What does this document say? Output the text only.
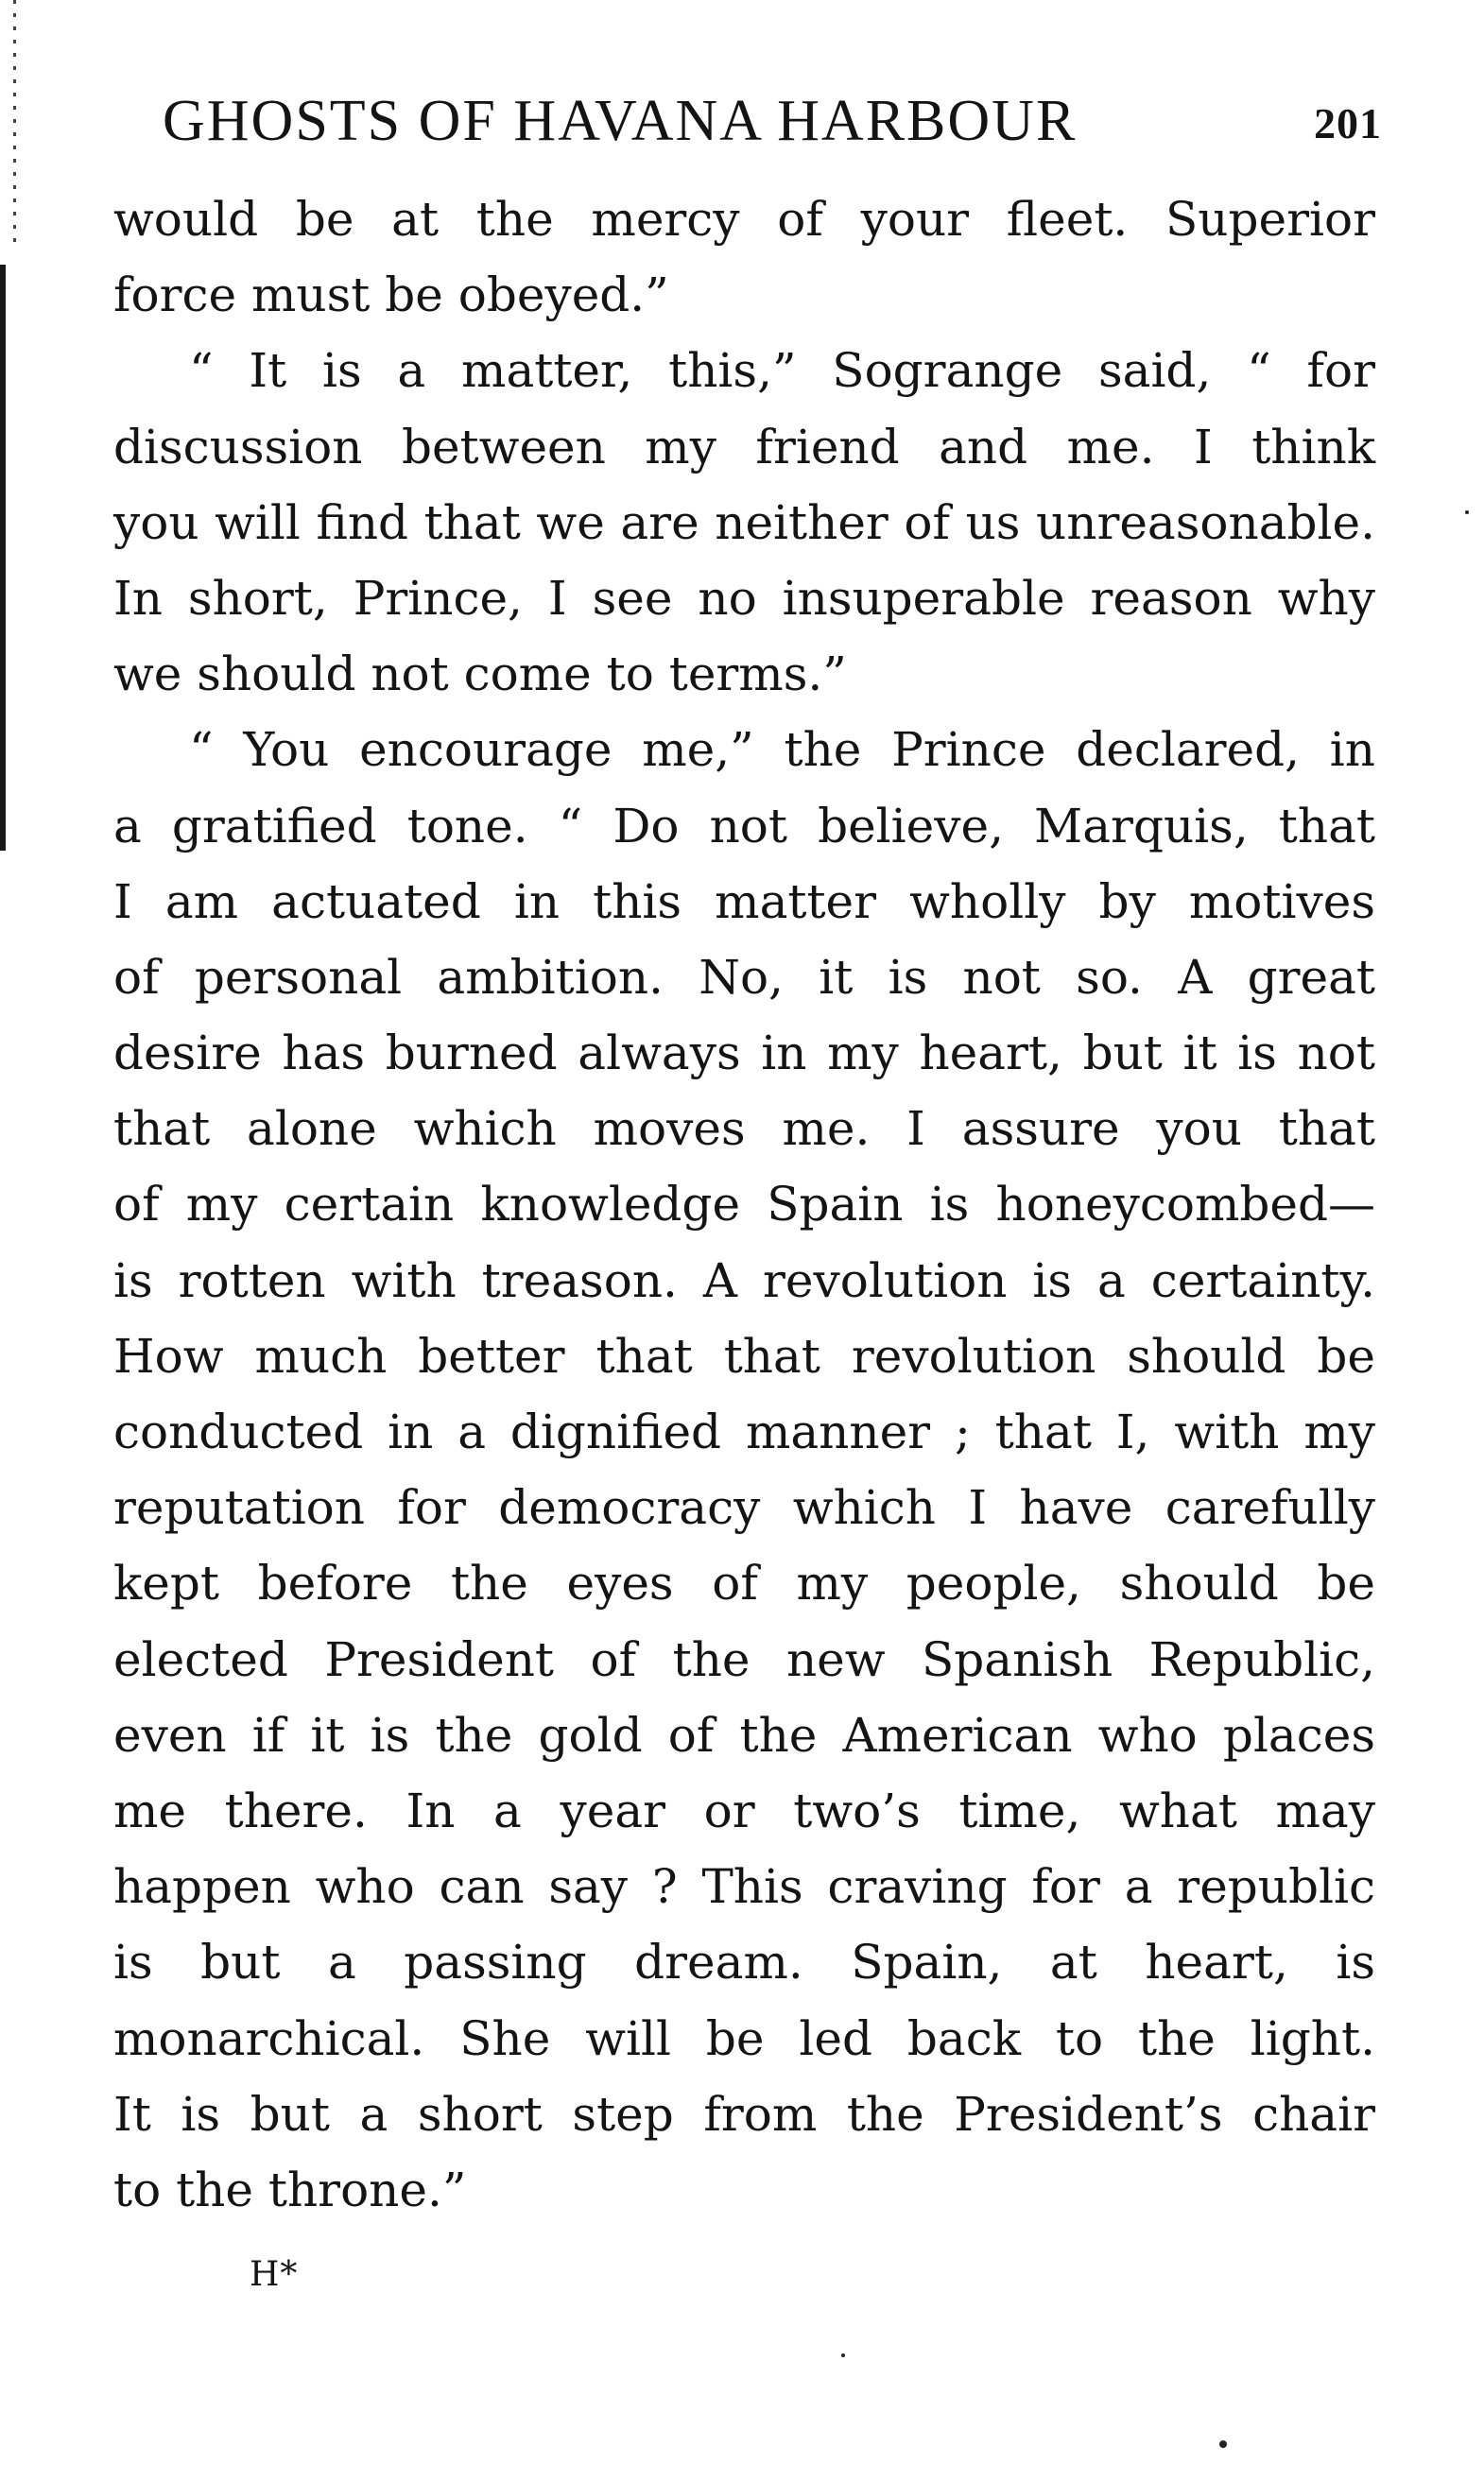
GHOSTS OF HAVANA HARBOUR	201
would be at the mercy of your fleet. Superior
force must be obeyed.”
“ It is a matter, this,” Sogrange said, “ for
discussion between my friend and me. I think
you will find that we are neither of us unreasonable.
In short, Prince, I see no insuperable reason why
we should not come to terms.”
“ You encourage me,” the Prince declared, in
a gratified tone. “ Do not believe, Marquis, that
I am actuated in this matter wholly by motives
of personal ambition. No, it is not so. A great
desire has burned always in my heart, but it is not
that alone which moves me. I assure you that
of my certain knowledge Spain is honeycombed—
is rotten with treason. A revolution is a certainty.
How much better that that revolution should be
conducted in a dignified manner ; that I, with my
reputation for democracy which I have carefully
kept before the eyes of my people, should be
elected President of the new Spanish Republic,
even if it is the gold of the American who places
me there. In a year or two’s time, what may
happen who can say ? This craving for a republic
is but a passing dream. Spain, at heart, is
monarchical. She will be led back to the light.
It is but a short step from the President’s chair
to the throne.”
H*
